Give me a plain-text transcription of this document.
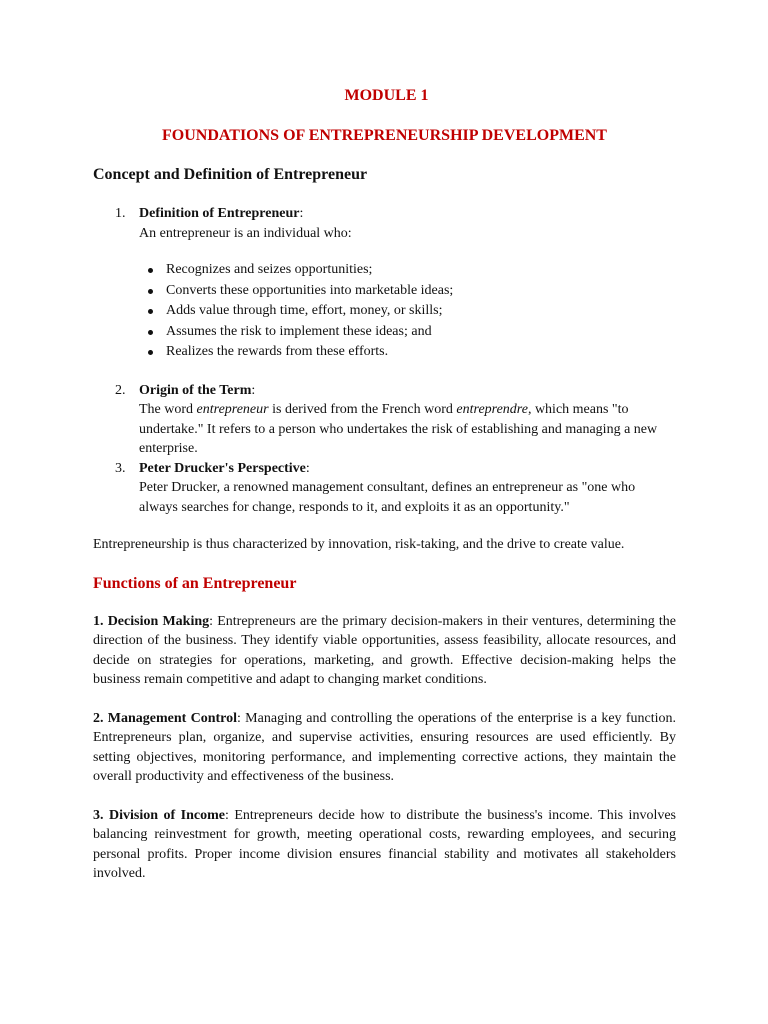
MODULE 1
FOUNDATIONS OF ENTREPRENEURSHIP DEVELOPMENT
Concept and Definition of Entrepreneur
1. Definition of Entrepreneur:
An entrepreneur is an individual who:
Recognizes and seizes opportunities;
Converts these opportunities into marketable ideas;
Adds value through time, effort, money, or skills;
Assumes the risk to implement these ideas; and
Realizes the rewards from these efforts.
2. Origin of the Term:
The word entrepreneur is derived from the French word entreprendre, which means "to undertake." It refers to a person who undertakes the risk of establishing and managing a new enterprise.
3. Peter Drucker's Perspective:
Peter Drucker, a renowned management consultant, defines an entrepreneur as "one who always searches for change, responds to it, and exploits it as an opportunity."

Entrepreneurship is thus characterized by innovation, risk-taking, and the drive to create value.

Functions of an Entrepreneur

1. Decision Making: Entrepreneurs are the primary decision-makers in their ventures, determining the direction of the business. They identify viable opportunities, assess feasibility, allocate resources, and decide on strategies for operations, marketing, and growth. Effective decision-making helps the business remain competitive and adapt to changing market conditions.

2. Management Control: Managing and controlling the operations of the enterprise is a key function. Entrepreneurs plan, organize, and supervise activities, ensuring resources are used efficiently. By setting objectives, monitoring performance, and implementing corrective actions, they maintain the overall productivity and effectiveness of the business.

3. Division of Income: Entrepreneurs decide how to distribute the business's income. This involves balancing reinvestment for growth, meeting operational costs, rewarding employees, and securing personal profits. Proper income division ensures financial stability and motivates all stakeholders involved.
